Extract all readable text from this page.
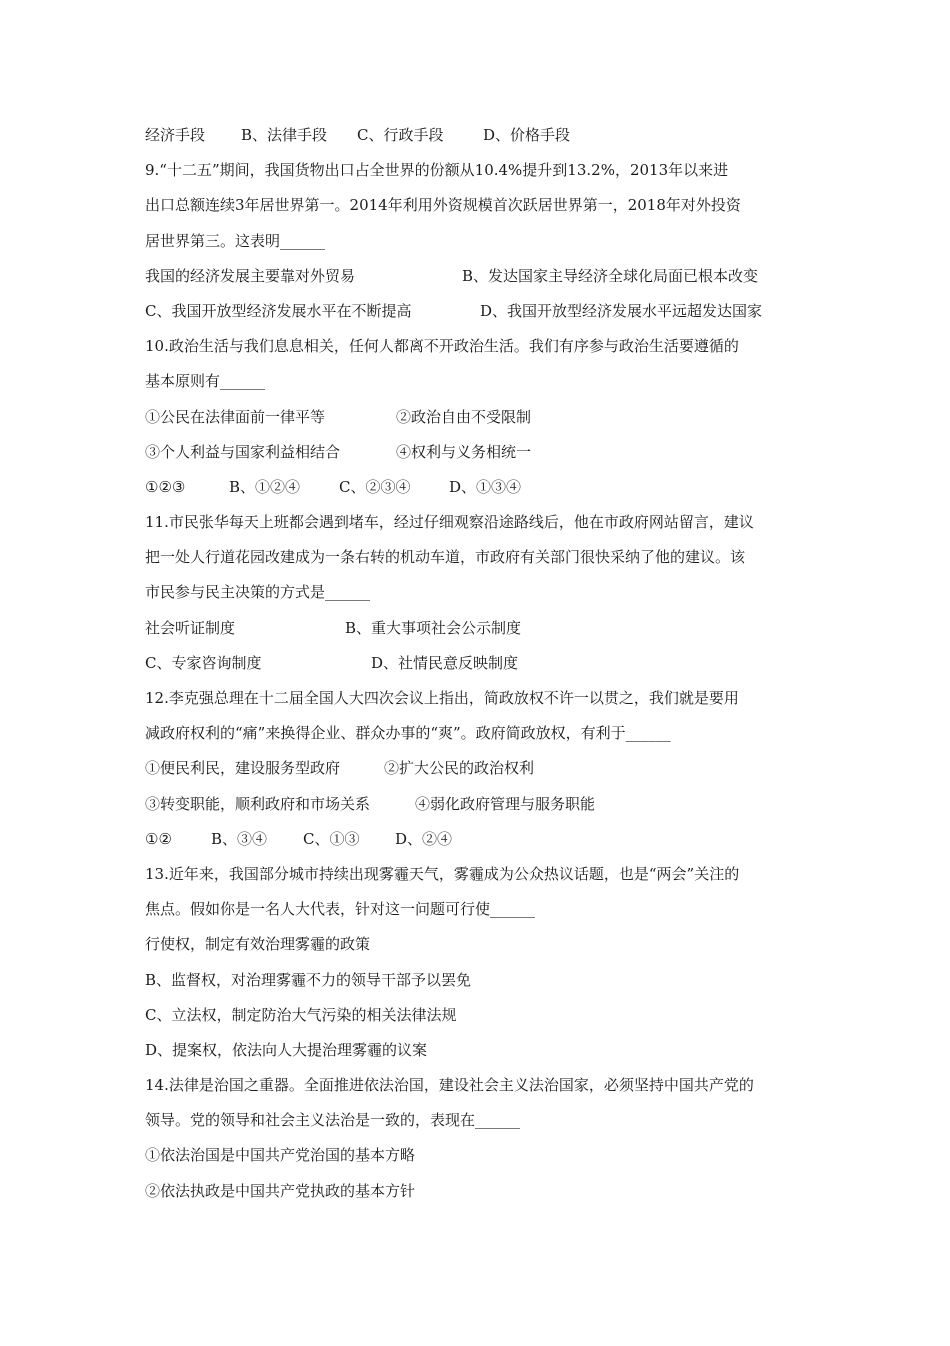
经济手段 B、法律手段 C、行政手段	D、价格手段
9.“十二五”期间，我国货物出口占全世界的份额从10.4%提升到13.2%，2013年以来进
出口总额连续3年居世界第一。2014年利用外资规模首次跃居世界第一，2018年对外投资
居世界第三。这表明______
我国的经济发展主要靠对外贸易	B、发达国家主导经济全球化局面已根本改变
C、我国开放型经济发展水平在不断提高	D、我国开放型经济发展水平远超发达国家
10.政治生活与我们息息相关，任何人都离不开政治生活。我们有序参与政治生活要遵循的
基本原则有______
①公民在法律面前一律平等	②政治自由不受限制
③个人利益与国家利益相结合	④权利与义务相统一
①②③	B、①②④	C、②③④	D、①③④
11.市民张华每天上班都会遇到堵车，经过仔细观察沿途路线后，他在市政府网站留言，建议
把一处人行道花园改建成为一条右转的机动车道，市政府有关部门很快采纳了他的建议。该
市民参与民主决策的方式是______
社会听证制度	B、重大事项社会公示制度
C、专家咨询制度	D、社情民意反映制度
12.李克强总理在十二届全国人大四次会议上指出，简政放权不许一以贯之，我们就是要用
减政府权利的“痛”来换得企业、群众办事的“爽”。政府简政放权，有利于______
①便民利民，建设服务型政府	②扩大公民的政治权利
③转变职能，顺利政府和市场关系	④弱化政府管理与服务职能
①②	B、③④ C、①③ D、②④
13.近年来，我国部分城市持续出现雾霾天气，雾霾成为公众热议话题，也是“两会”关注的
焦点。假如你是一名人大代表，针对这一问题可行使______
行使权，制定有效治理雾霾的政策
B、监督权，对治理雾霾不力的领导干部予以罢免
C、立法权，制定防治大气污染的相关法律法规
D、提案权，依法向人大提治理雾霾的议案
14.法律是治国之重器。全面推进依法治国，建设社会主义法治国家，必须坚持中国共产党的
领导。党的领导和社会主义法治是一致的，表现在______
①依法治国是中国共产党治国的基本方略
②依法执政是中国共产党执政的基本方针
